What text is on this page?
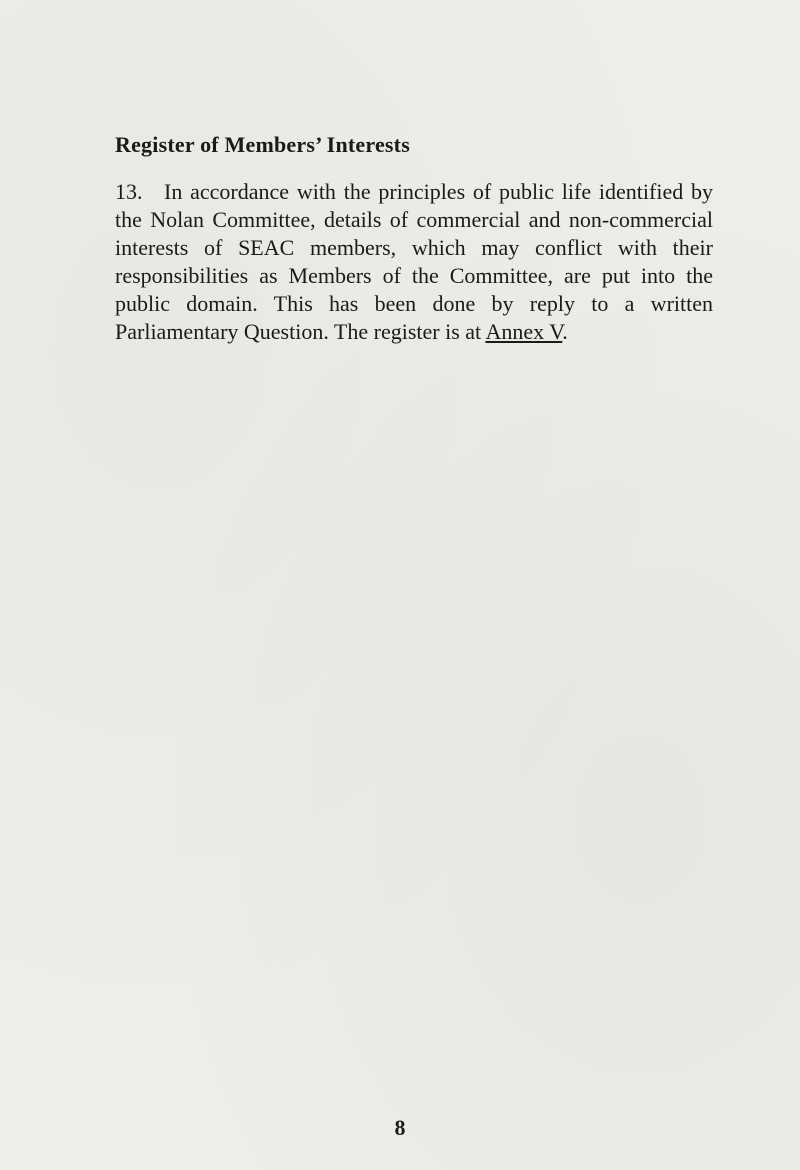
Register of Members’ Interests

13. In accordance with the principles of public life identified by the Nolan Committee, details of commercial and non-commercial interests of SEAC members, which may conflict with their responsibilities as Members of the Committee, are put into the public domain. This has been done by reply to a written Parliamentary Question. The register is at Annex V.

8
